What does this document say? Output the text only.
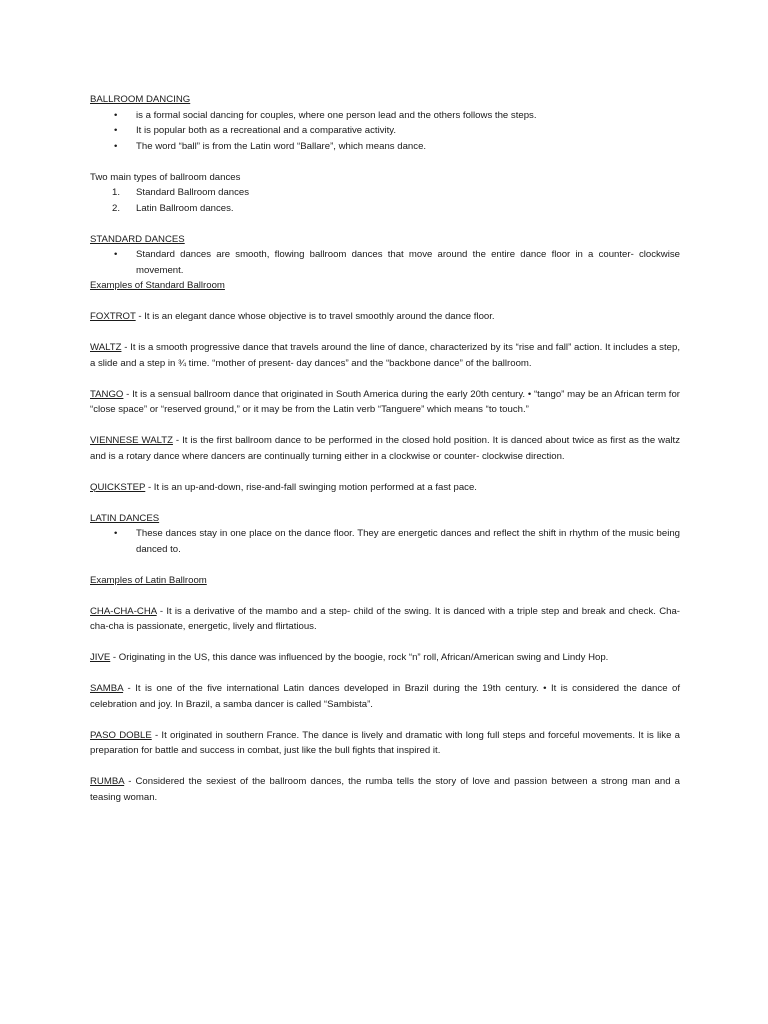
BALLROOM DANCING

• is a formal social dancing for couples, where one person lead and the others follows the steps.
• It is popular both as a recreational and a comparative activity.
• The word “ball” is from the Latin word “Ballare”, which means dance.

Two main types of ballroom dances

1. Standard Ballroom dances
2. Latin Ballroom dances.

STANDARD DANCES

• Standard dances are smooth, flowing ballroom dances that move around the entire dance floor in a counter- clockwise movement.

Examples of Standard Ballroom

FOXTROT - It is an elegant dance whose objective is to travel smoothly around the dance floor.

WALTZ - It is a smooth progressive dance that travels around the line of dance, characterized by its “rise and fall” action. It includes a step, a slide and a step in ¾ time. “mother of present- day dances” and the “backbone dance” of the ballroom.

TANGO - It is a sensual ballroom dance that originated in South America during the early 20th century. • “tango” may be an African term for “close space” or “reserved ground,” or it may be from the Latin verb “Tanguere” which means “to touch.”

VIENNESE WALTZ - It is the first ballroom dance to be performed in the closed hold position. It is danced about twice as first as the waltz and is a rotary dance where dancers are continually turning either in a clockwise or counter- clockwise direction.

QUICKSTEP - It is an up-and-down, rise-and-fall swinging motion performed at a fast pace.

LATIN DANCES

• These dances stay in one place on the dance floor. They are energetic dances and reflect the shift in rhythm of the music being danced to.

Examples of Latin Ballroom

CHA-CHA-CHA - It is a derivative of the mambo and a step- child of the swing. It is danced with a triple step and break and check. Cha-cha-cha is passionate, energetic, lively and flirtatious.

JIVE - Originating in the US, this dance was influenced by the boogie, rock “n” roll, African/American swing and Lindy Hop.

SAMBA - It is one of the five international Latin dances developed in Brazil during the 19th century. • It is considered the dance of celebration and joy. In Brazil, a samba dancer is called “Sambista”.

PASO DOBLE - It originated in southern France. The dance is lively and dramatic with long full steps and forceful movements. It is like a preparation for battle and success in combat, just like the bull fights that inspired it.

RUMBA - Considered the sexiest of the ballroom dances, the rumba tells the story of love and passion between a strong man and a teasing woman.
